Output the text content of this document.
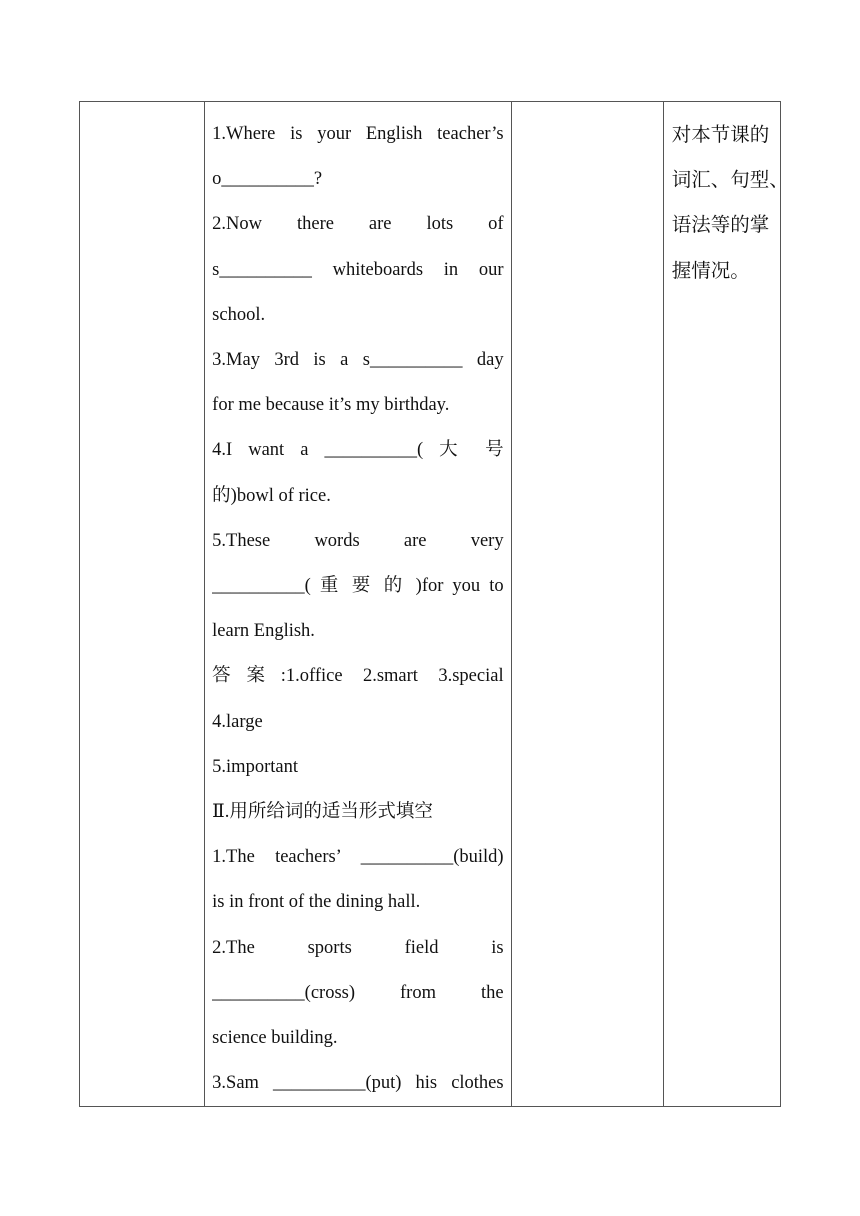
1.Where is your English teacher’s
o__________?
2.Now there are lots of
s__________ whiteboards in our
school.
3.May 3rd is a s__________ day
for me because it’s my birthday.
4.I want a __________( 大 号
的)bowl of rice.
5.These words are very
__________( 重 要 的 )for you to
learn English.
答案:1.office 2.smart 3.special
4.large
5.important
Ⅱ.用所给词的适当形式填空
1.The teachers’ __________(build)
is in front of the dining hall.
2.The sports field is
__________(cross) from the
science building.
3.Sam __________(put) his clothes

对本节课的
词汇、句型、
语法等的掌
握情况。
